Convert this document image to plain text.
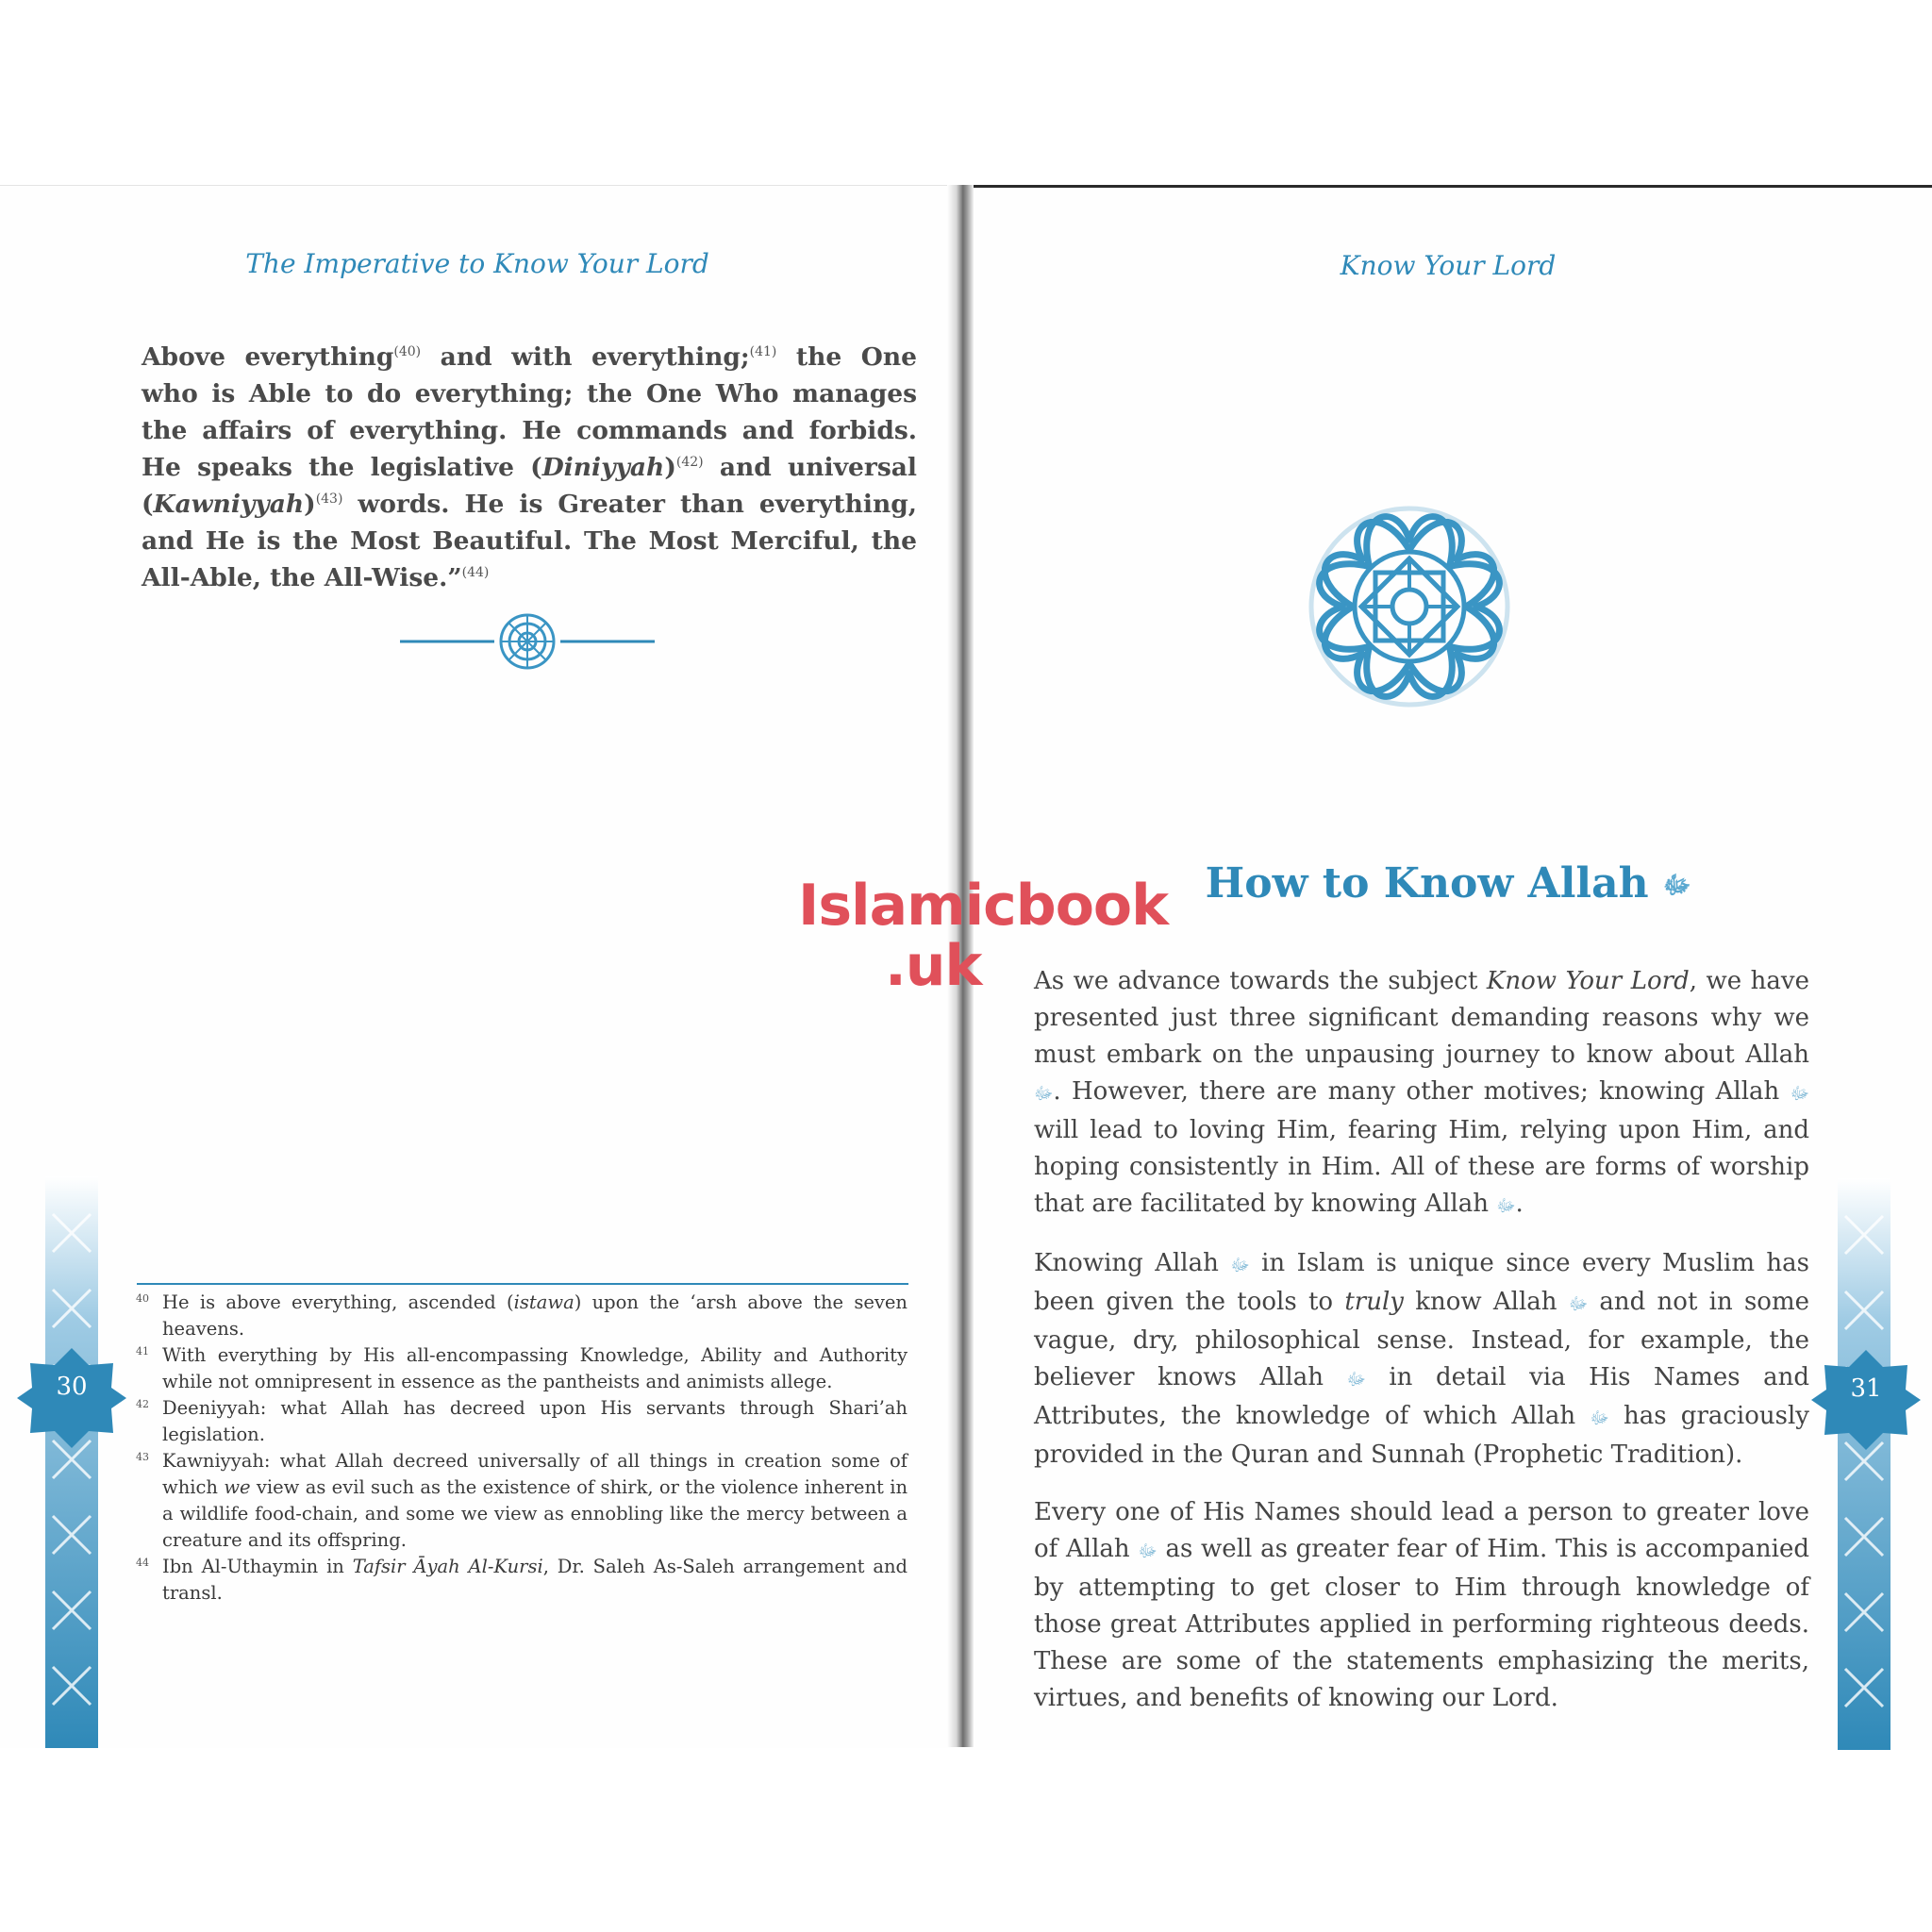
The Imperative to Know Your Lord
Above everything$^{(40)}$ and with everything;$^{(41)}$ the One who is Able to do everything; the One Who manages the affairs of everything. He commands and forbids. He speaks the legislative (Diniyyah)$^{(42)}$ and universal (Kawniyyah)$^{(43)}$ words. He is Greater than everything, and He is the Most Beautiful. The Most Merciful, the All-Able, the All-Wise.”$^{(44)}$

40 He is above everything, ascended (istawa) upon the ‘arsh above the seven heavens.

41 With everything by His all-encompassing Knowledge, Ability and Authority while not omnipresent in essence as the pantheists and animists allege.

42 Deeniyyah: what Allah has decreed upon His servants through Shari’ah legislation.

43 Kawniyyah: what Allah decreed universally of all things in creation some of which we view as evil such as the existence of shirk, or the violence inherent in a wildlife food-chain, and some we view as ennobling like the mercy between a creature and its offspring.

44 Ibn Al-Uthaymin in Tafsir Āyah Al-Kursi, Dr. Saleh As-Saleh arrangement and transl.

30
Know Your Lord
How to Know Allah ﷻ

As we advance towards the subject Know Your Lord, we have presented just three significant demanding reasons why we must embark on the unpausing journey to know about Allah ﷻ. However, there are many other motives; knowing Allah ﷻ will lead to loving Him, fearing Him, relying upon Him, and hoping consistently in Him. All of these are forms of worship that are facilitated by knowing Allah ﷻ.

Knowing Allah ﷻ in Islam is unique since every Muslim has been given the tools to truly know Allah ﷻ and not in some vague, dry, philosophical sense. Instead, for example, the believer knows Allah ﷻ in detail via His Names and Attributes, the knowledge of which Allah ﷻ has graciously provided in the Quran and Sunnah (Prophetic Tradition).

Every one of His Names should lead a person to greater love of Allah ﷻ as well as greater fear of Him. This is accompanied by attempting to get closer to Him through knowledge of those great Attributes applied in performing righteous deeds. These are some of the statements emphasizing the merits, virtues, and benefits of knowing our Lord.

31
Islamicbook
.uk
